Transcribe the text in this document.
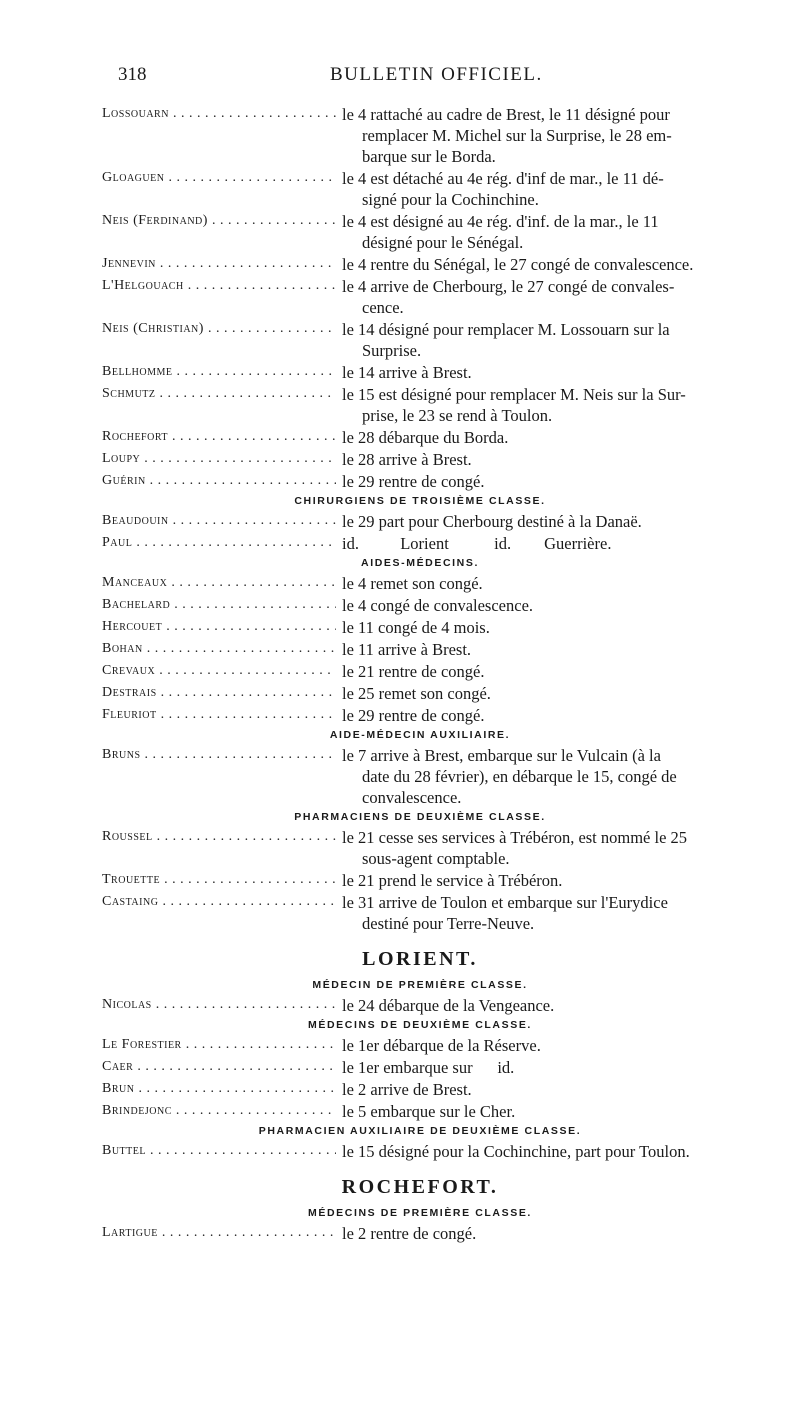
318	BULLETIN OFFICIEL.
Lossouarn . . .	le 4 rattaché au cadre de Brest, le 11 désigné pour
remplacer M. Michel sur la Surprise, le 28 em-
barque sur le Borda.
Gloaguen . . .	le 4 est détaché au 4e rég. d'inf de mar., le 11 dé-
signé pour la Cochinchine.
Neis (Ferdinand) . . .	le 4 est désigné au 4e rég. d'inf. de la mar., le 11
désigné pour le Sénégal.
Jennevin . . .	le 4 rentre du Sénégal, le 27 congé de convalescence.
L'Helgouach . . .	le 4 arrive de Cherbourg, le 27 congé de convales-
cence.
Neis (Christian) . . .	le 14 désigné pour remplacer M. Lossouarn sur la
Surprise.
Bellhomme . . .	le 14 arrive à Brest.
Schmutz . . .	le 15 est désigné pour remplacer M. Neis sur la Sur-
prise, le 23 se rend à Toulon.
Rochefort . . .	le 28 débarque du Borda.
Loupy . . .	le 28 arrive à Brest.
Guérin . . .	le 29 rentre de congé.
CHIRURGIENS DE TROISIÈME CLASSE.
Beaudouin . . .	le 29 part pour Cherbourg destiné à la Danaë.
Paul . . .	id.          Lorient           id.        Guerrière.
AIDES-MÉDECINS.
Manceaux . . .	le 4 remet son congé.
Bachelard . . .	le 4 congé de convalescence.
Hercouet . . .	le 11 congé de 4 mois.
Bohan . . .	le 11 arrive à Brest.
Crevaux . . .	le 21 rentre de congé.
Destrais . . .	le 25 remet son congé.
Fleuriot . . .	le 29 rentre de congé.
AIDE-MÉDECIN AUXILIAIRE.
Bruns . . .	le 7 arrive à Brest, embarque sur le Vulcain (à la
date du 28 février), en débarque le 15, congé de
convalescence.
PHARMACIENS DE DEUXIÈME CLASSE.
Roussel . . .	le 21 cesse ses services à Trébéron, est nommé le 25
sous-agent comptable.
Trouette . . .	le 21 prend le service à Trébéron.
Castaing . . .	le 31 arrive de Toulon et embarque sur l'Eurydice
destiné pour Terre-Neuve.
LORIENT.
MÉDECIN DE PREMIÈRE CLASSE.
Nicolas . . .	le 24 débarque de la Vengeance.
MÉDECINS DE DEUXIÈME CLASSE.
Le Forestier . . .	le 1er débarque de la Réserve.
Caer . . .	le 1er embarque sur      id.
Brun . . .	le 2 arrive de Brest.
Brindejonc . . .	le 5 embarque sur le Cher.
PHARMACIEN AUXILIAIRE DE DEUXIÈME CLASSE.
Buttel . . .	le 15 désigné pour la Cochinchine, part pour Toulon.
ROCHEFORT.
MÉDECINS DE PREMIÈRE CLASSE.
Lartigue . . .	le 2 rentre de congé.
